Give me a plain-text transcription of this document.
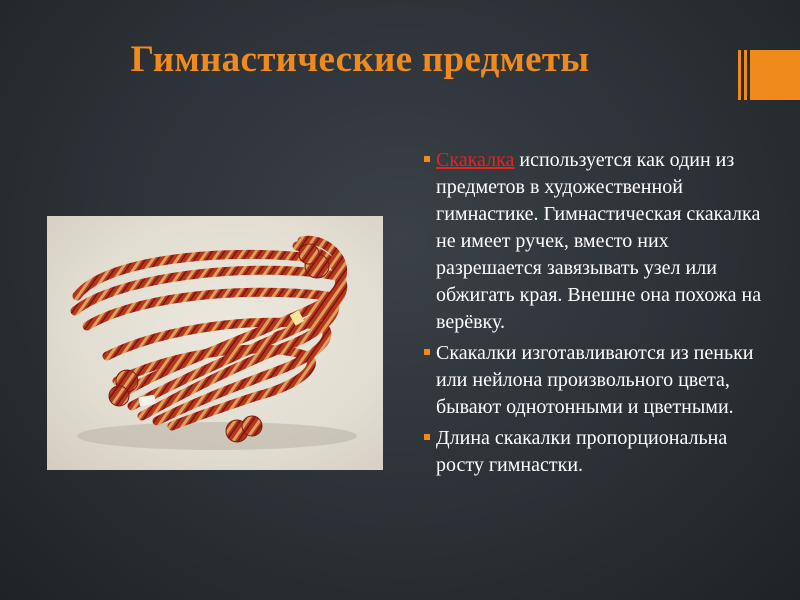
Гимнастические предметы
Скакалка используется как один из предметов в художественной гимнастике. Гимнастическая скакалка не имеет ручек, вместо них разрешается завязывать узел или обжигать края. Внешне она похожа на верёвку.
Скакалки изготавливаются из пеньки или нейлона произвольного цвета, бывают однотонными и цветными.
Длина скакалки пропорциональна росту гимнастки.
